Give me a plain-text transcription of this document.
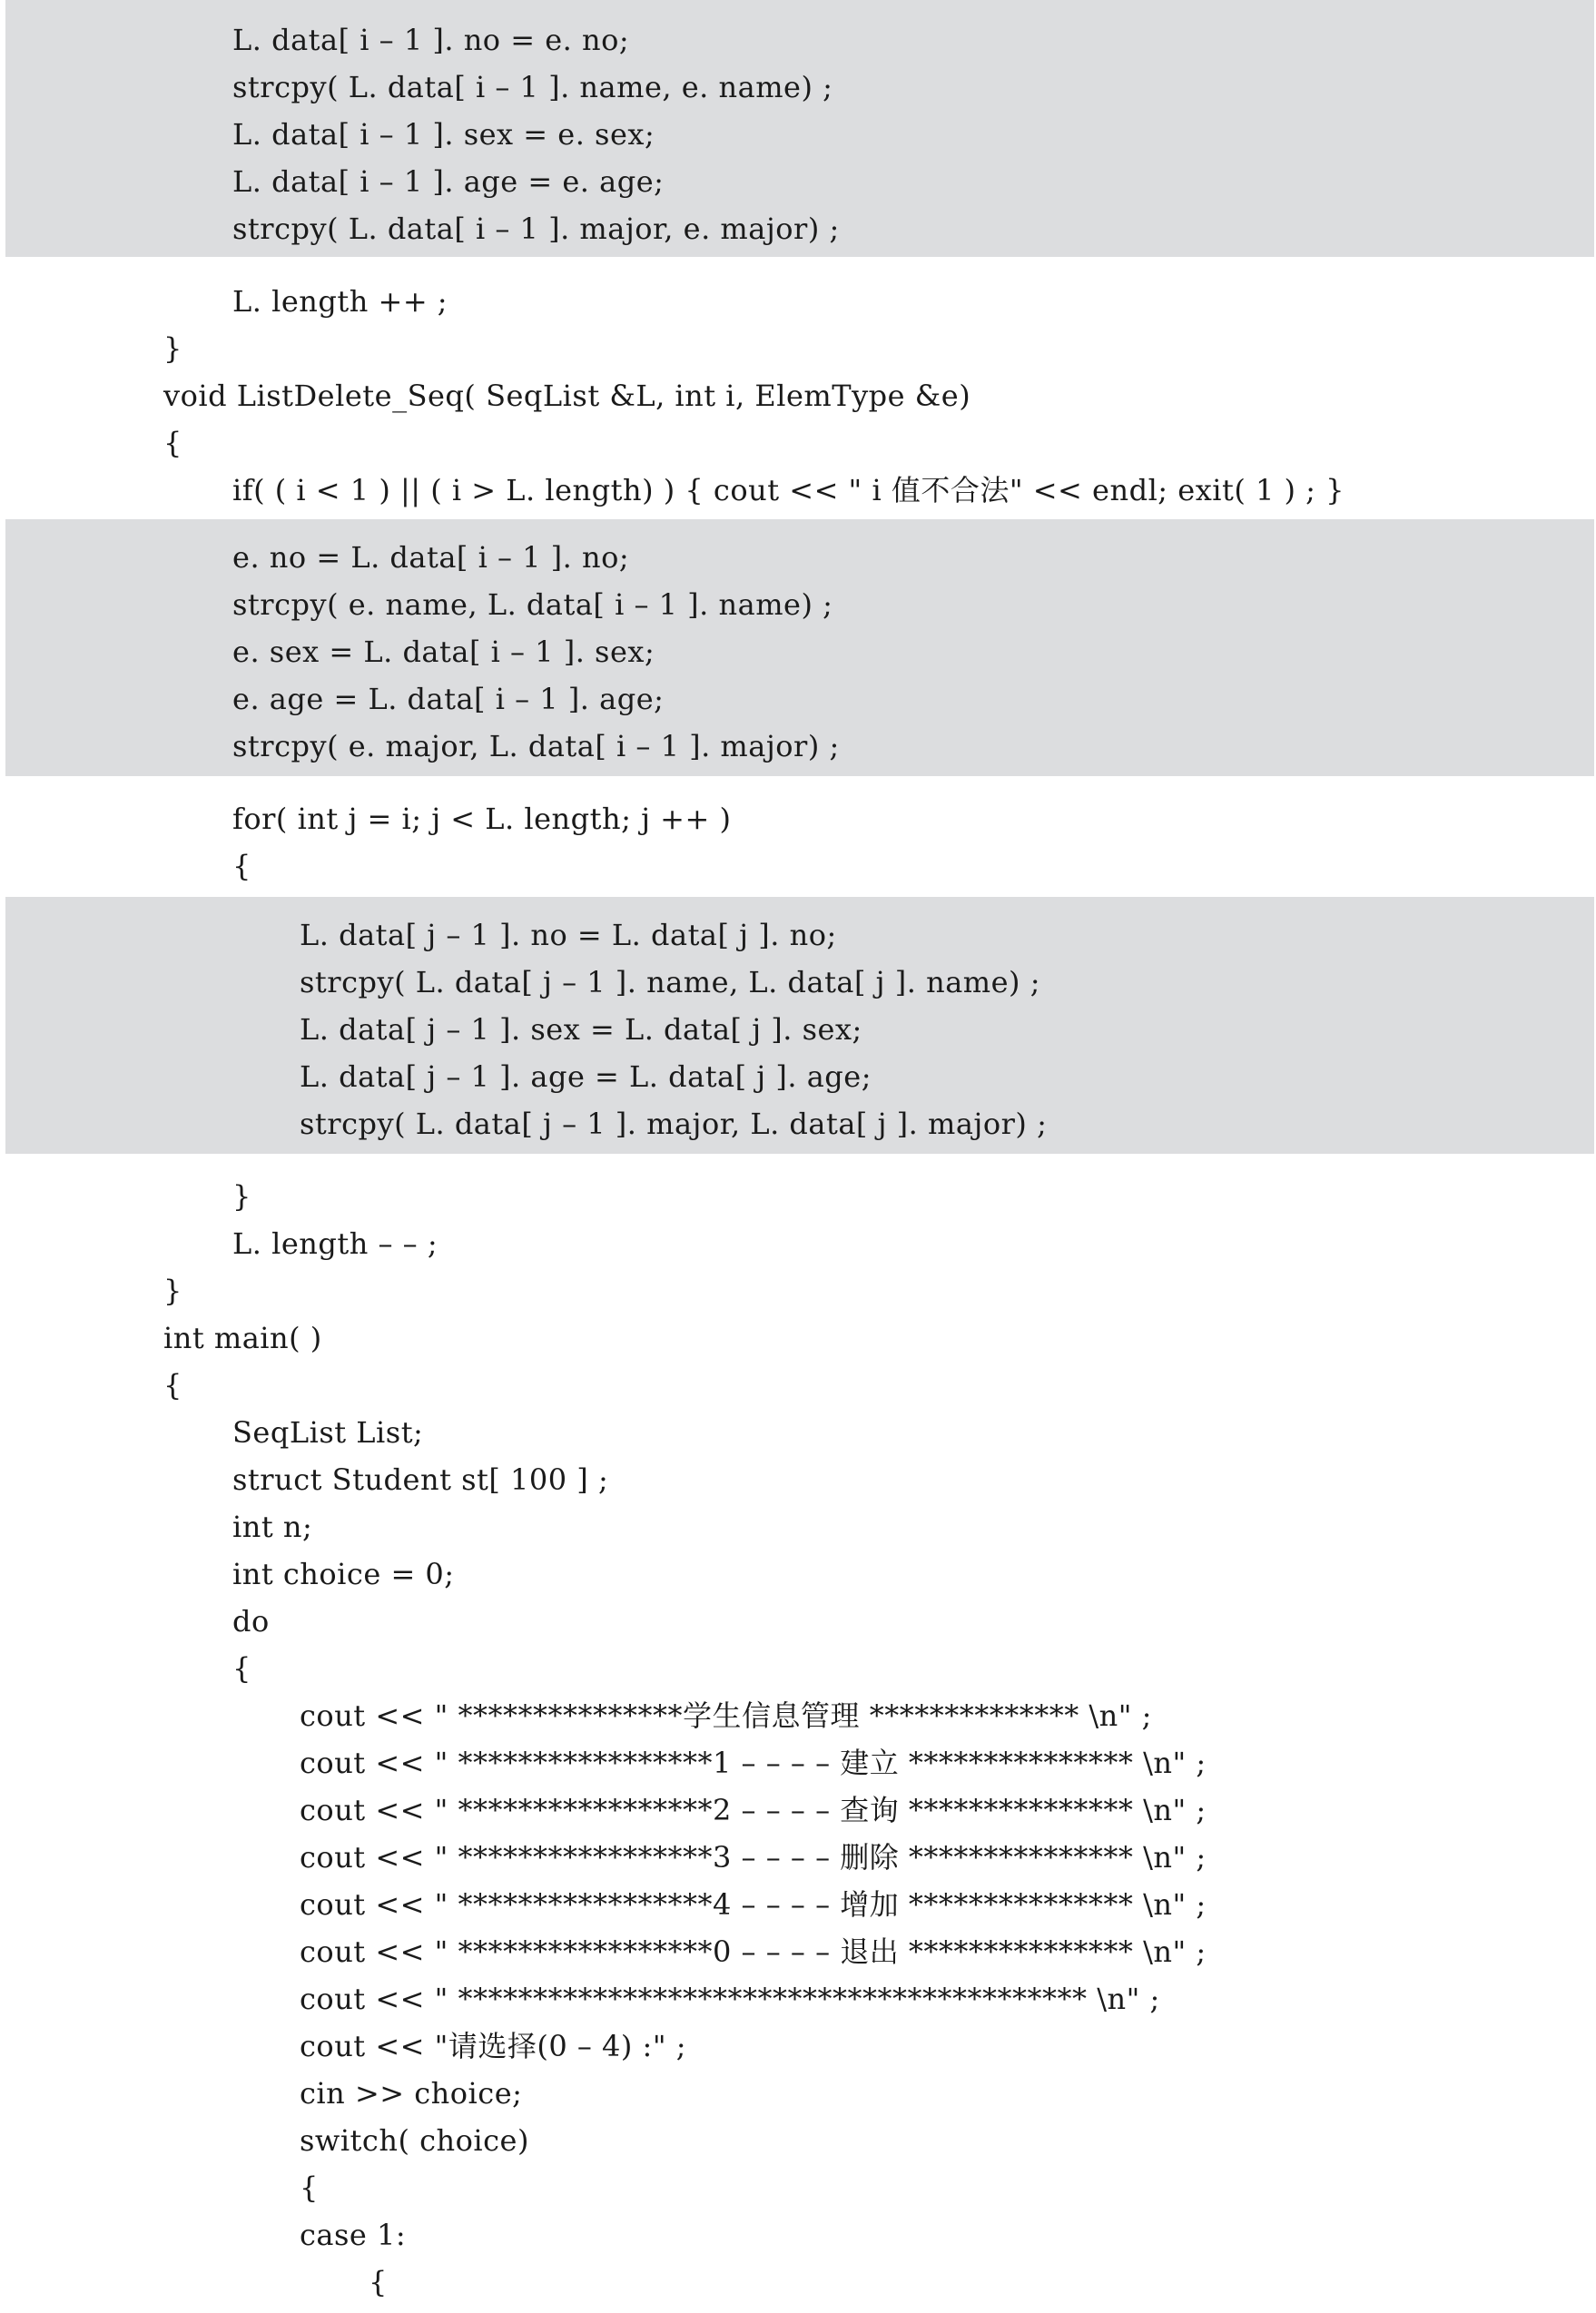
L. data[ i – 1 ]. no = e. no;
strcpy( L. data[ i – 1 ]. name, e. name) ;
L. data[ i – 1 ]. sex = e. sex;
L. data[ i – 1 ]. age = e. age;
strcpy( L. data[ i – 1 ]. major, e. major) ;
L. length ++ ;
}
void ListDelete_Seq( SeqList &L, int i, ElemType &e)
{
if( ( i < 1 ) || ( i > L. length) ) { cout << " i 值不合法" << endl; exit( 1 ) ; }
e. no = L. data[ i – 1 ]. no;
strcpy( e. name, L. data[ i – 1 ]. name) ;
e. sex = L. data[ i – 1 ]. sex;
e. age = L. data[ i – 1 ]. age;
strcpy( e. major, L. data[ i – 1 ]. major) ;
for( int j = i; j < L. length; j ++ )
{
L. data[ j – 1 ]. no = L. data[ j ]. no;
strcpy( L. data[ j – 1 ]. name, L. data[ j ]. name) ;
L. data[ j – 1 ]. sex = L. data[ j ]. sex;
L. data[ j – 1 ]. age = L. data[ j ]. age;
strcpy( L. data[ j – 1 ]. major, L. data[ j ]. major) ;
}
L. length – – ;
}
int main( )
{
SeqList List;
struct Student st[ 100 ] ;
int n;
int choice = 0;
do
{
cout << " ***************学生信息管理 ************** \n" ;
cout << " *****************1 – – – – 建立 *************** \n" ;
cout << " *****************2 – – – – 查询 *************** \n" ;
cout << " *****************3 – – – – 删除 *************** \n" ;
cout << " *****************4 – – – – 增加 *************** \n" ;
cout << " *****************0 – – – – 退出 *************** \n" ;
cout << " ****************************************** \n" ;
cout << "请选择(0 – 4) :" ;
cin >> choice;
switch( choice)
{
case 1:
{
